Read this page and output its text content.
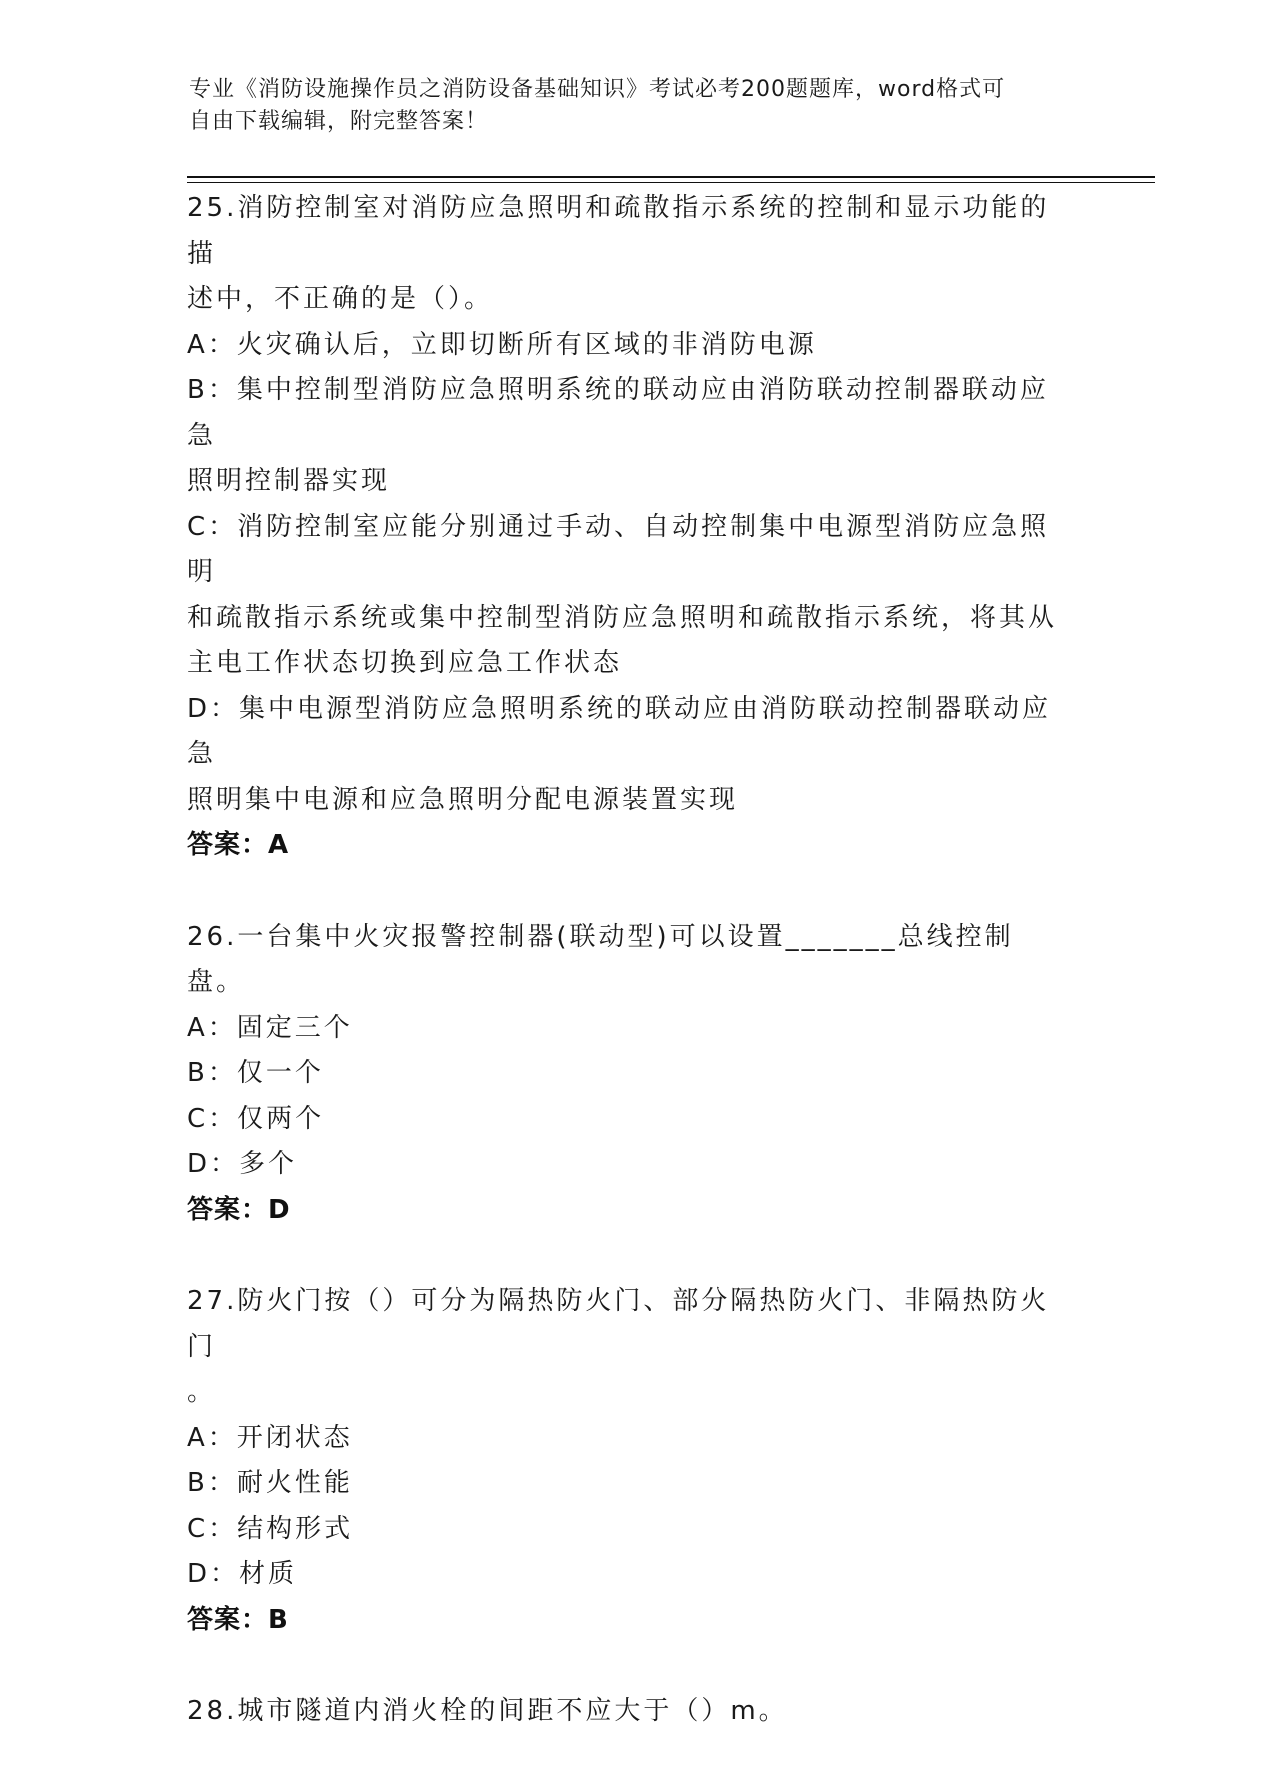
专业《消防设施操作员之消防设备基础知识》考试必考200题题库，word格式可
自由下载编辑，附完整答案！
25.消防控制室对消防应急照明和疏散指示系统的控制和显示功能的描
述中，不正确的是（）。
A：火灾确认后，立即切断所有区域的非消防电源
B：集中控制型消防应急照明系统的联动应由消防联动控制器联动应急
照明控制器实现
C：消防控制室应能分别通过手动、自动控制集中电源型消防应急照明
和疏散指示系统或集中控制型消防应急照明和疏散指示系统，将其从
主电工作状态切换到应急工作状态
D：集中电源型消防应急照明系统的联动应由消防联动控制器联动应急
照明集中电源和应急照明分配电源装置实现
答案：A
26.一台集中火灾报警控制器(联动型)可以设置_______总线控制盘。
A：固定三个
B：仅一个
C：仅两个
D：多个
答案：D
27.防火门按（）可分为隔热防火门、部分隔热防火门、非隔热防火门
。
A：开闭状态
B：耐火性能
C：结构形式
D：材质
答案：B
28.城市隧道内消火栓的间距不应大于（）m。
